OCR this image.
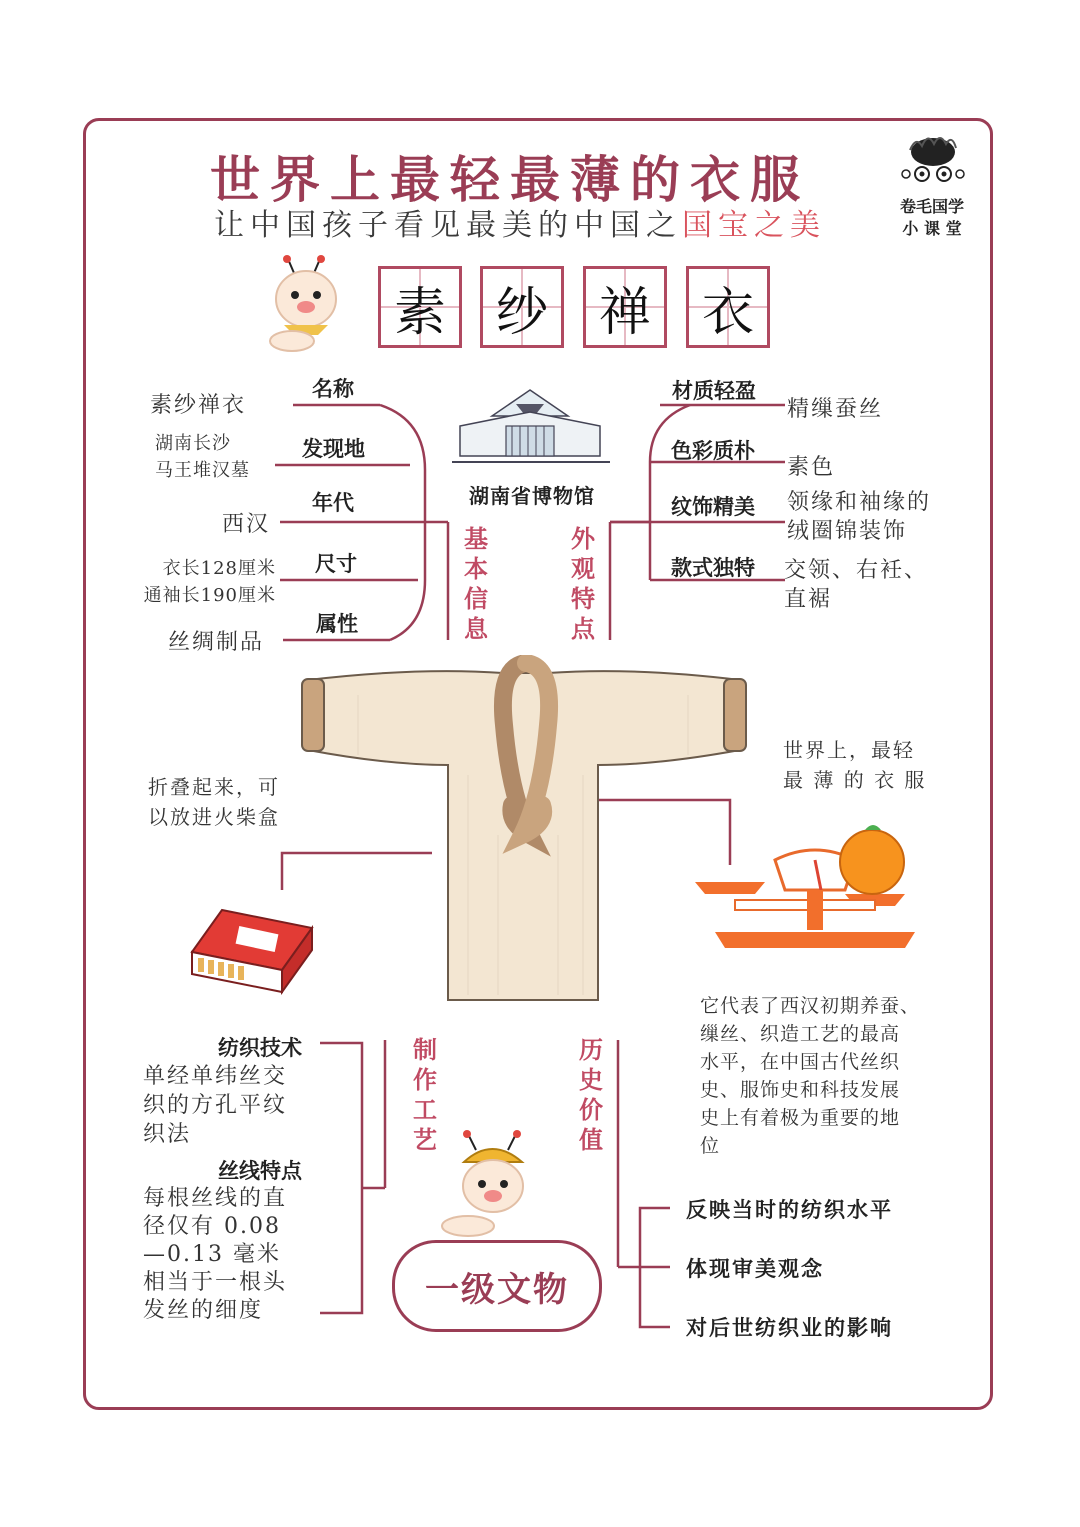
世界上最轻最薄的衣服
让中国孩子看见最美的中国之国宝之美
卷毛国学
小 课 堂
素 纱 禅 衣
名称
素纱禅衣
发现地
湖南长沙
马王堆汉墓
年代
西汉
尺寸
衣长128厘米
通袖长190厘米
属性
丝绸制品
湖南省博物馆
基
本
信
息
外
观
特
点
材质轻盈
精缫蚕丝
色彩质朴
素色
纹饰精美 领缘和袖缘的
绒圈锦装饰
款式独特 交领、右衽、
直裾
折叠起来，可
以放进火柴盒
世界上，最轻
最 薄 的 衣 服
制
作
工
艺
纺织技术
单经单纬丝交
织的方孔平纹
织法
丝线特点
每根丝线的直
径仅有 0.08
—0.13 毫米
相当于一根头
发丝的细度
一级文物
历
史
价
值
它代表了西汉初期养蚕、
缫丝、织造工艺的最高
水平，在中国古代丝织
史、服饰史和科技发展
史上有着极为重要的地
位
反映当时的纺织水平
体现审美观念
对后世纺织业的影响
